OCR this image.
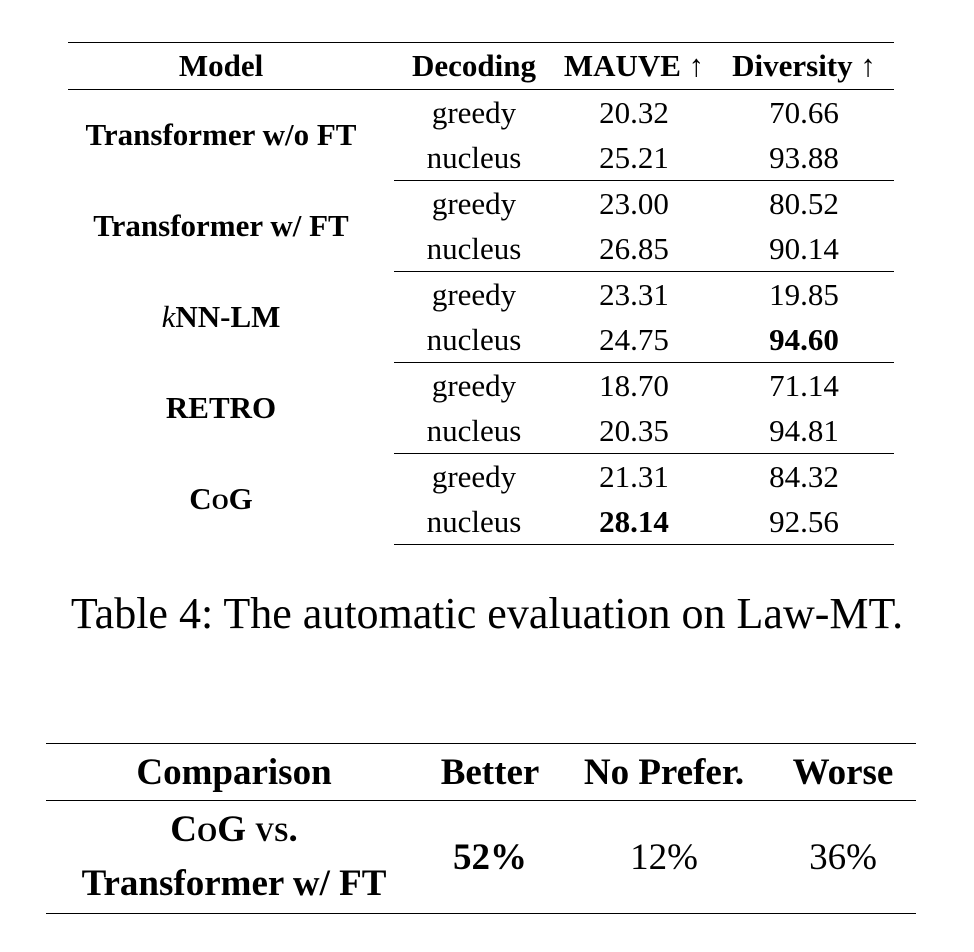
Model	Decoding	MAUVE ↑	Diversity ↑
Transformer w/o FT	greedy	20.32	70.66
	nucleus	25.21	93.88
Transformer w/ FT	greedy	23.00	80.52
	nucleus	26.85	90.14
kNN-LM	greedy	23.31	19.85
	nucleus	24.75	94.60
RETRO	greedy	18.70	71.14
	nucleus	20.35	94.81
CoG	greedy	21.31	84.32
	nucleus	28.14	92.56
Table 4: The automatic evaluation on Law-MT.
Comparison	Better	No Prefer.	Worse

CoG vs.
Transformer w/ FT	52%	12%	36%
